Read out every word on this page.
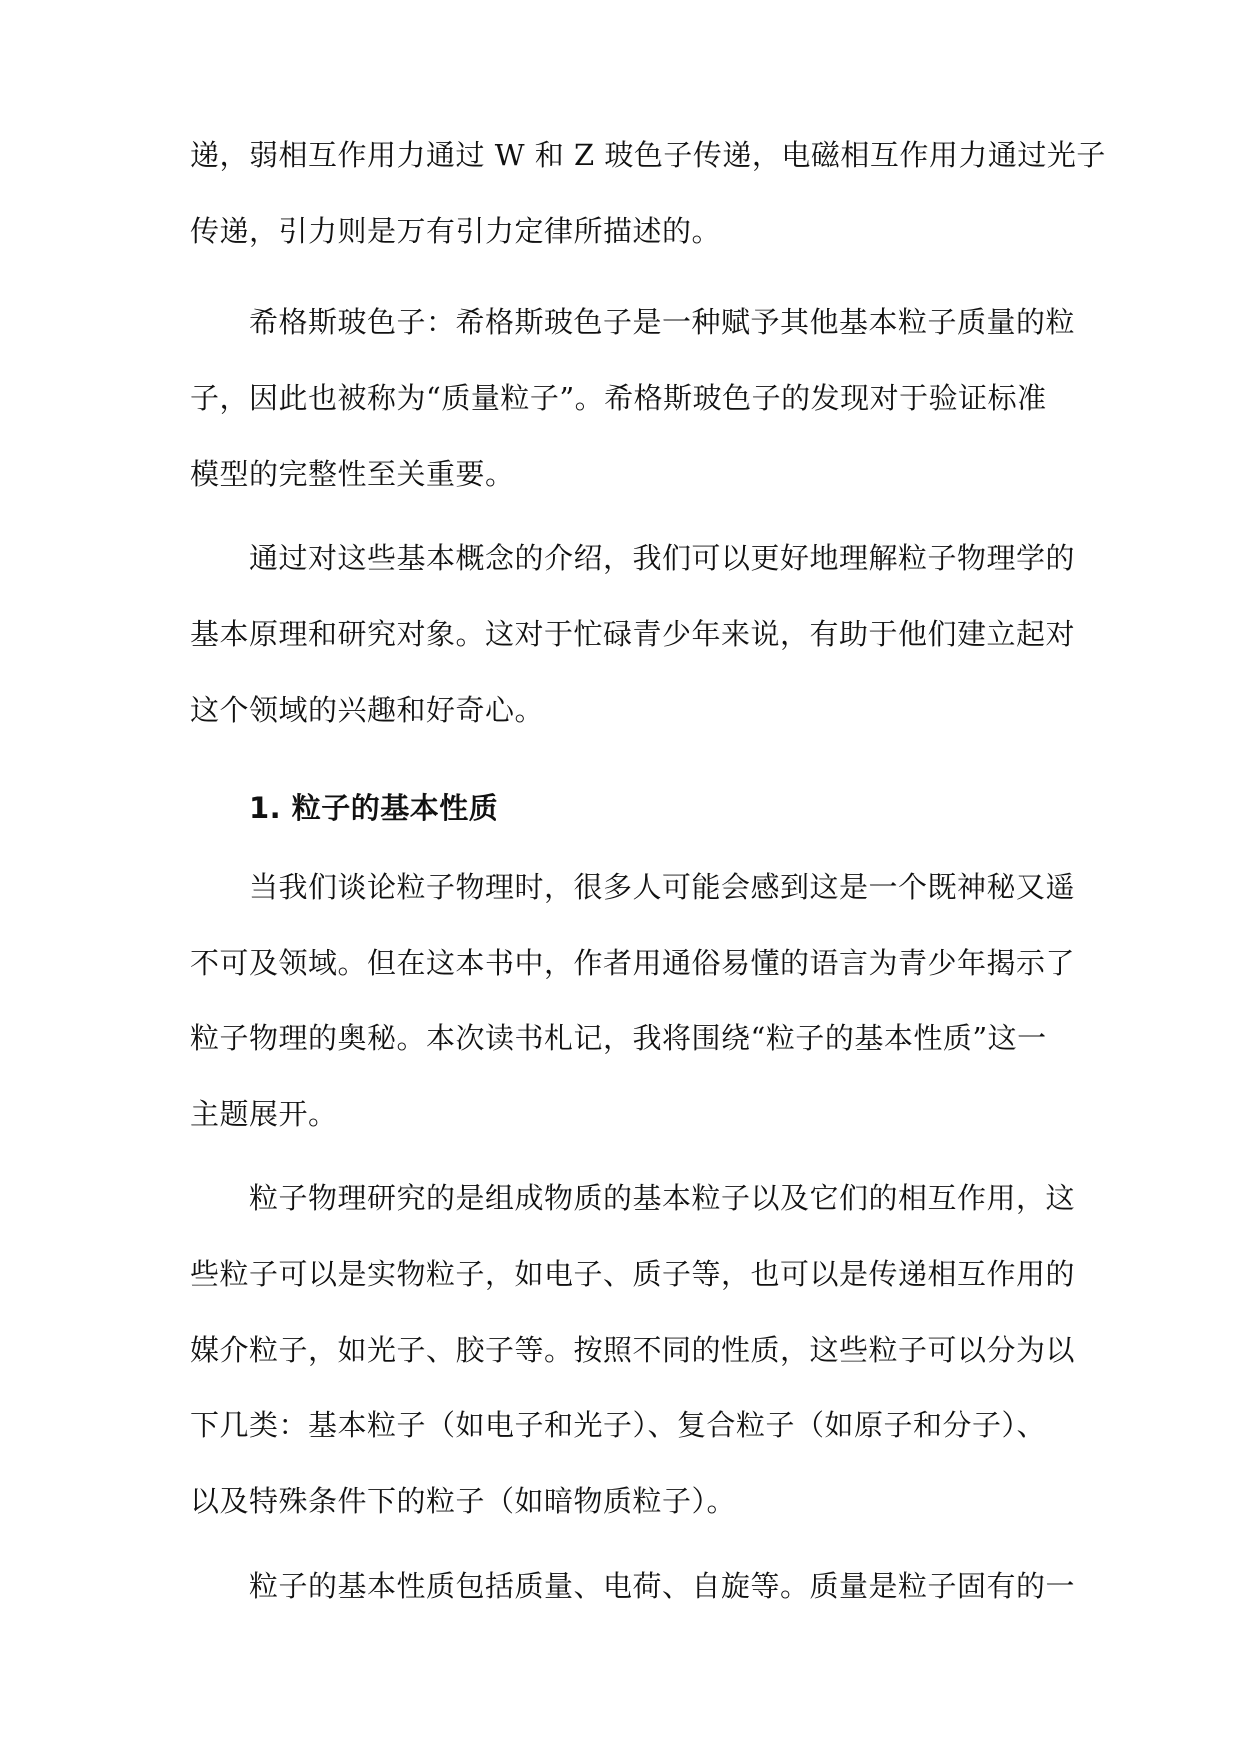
递，弱相互作用力通过 W 和 Z 玻色子传递，电磁相互作用力通过光子
传递，引力则是万有引力定律所描述的。
　　希格斯玻色子：希格斯玻色子是一种赋予其他基本粒子质量的粒
子，因此也被称为“质量粒子”。希格斯玻色子的发现对于验证标准
模型的完整性至关重要。
　　通过对这些基本概念的介绍，我们可以更好地理解粒子物理学的
基本原理和研究对象。这对于忙碌青少年来说，有助于他们建立起对
这个领域的兴趣和好奇心。
　　1. 粒子的基本性质
　　当我们谈论粒子物理时，很多人可能会感到这是一个既神秘又遥
不可及领域。但在这本书中，作者用通俗易懂的语言为青少年揭示了
粒子物理的奥秘。本次读书札记，我将围绕“粒子的基本性质”这一
主题展开。
　　粒子物理研究的是组成物质的基本粒子以及它们的相互作用，这
些粒子可以是实物粒子，如电子、质子等，也可以是传递相互作用的
媒介粒子，如光子、胶子等。按照不同的性质，这些粒子可以分为以
下几类：基本粒子（如电子和光子）、复合粒子（如原子和分子）、
以及特殊条件下的粒子（如暗物质粒子）。
　　粒子的基本性质包括质量、电荷、自旋等。质量是粒子固有的一
